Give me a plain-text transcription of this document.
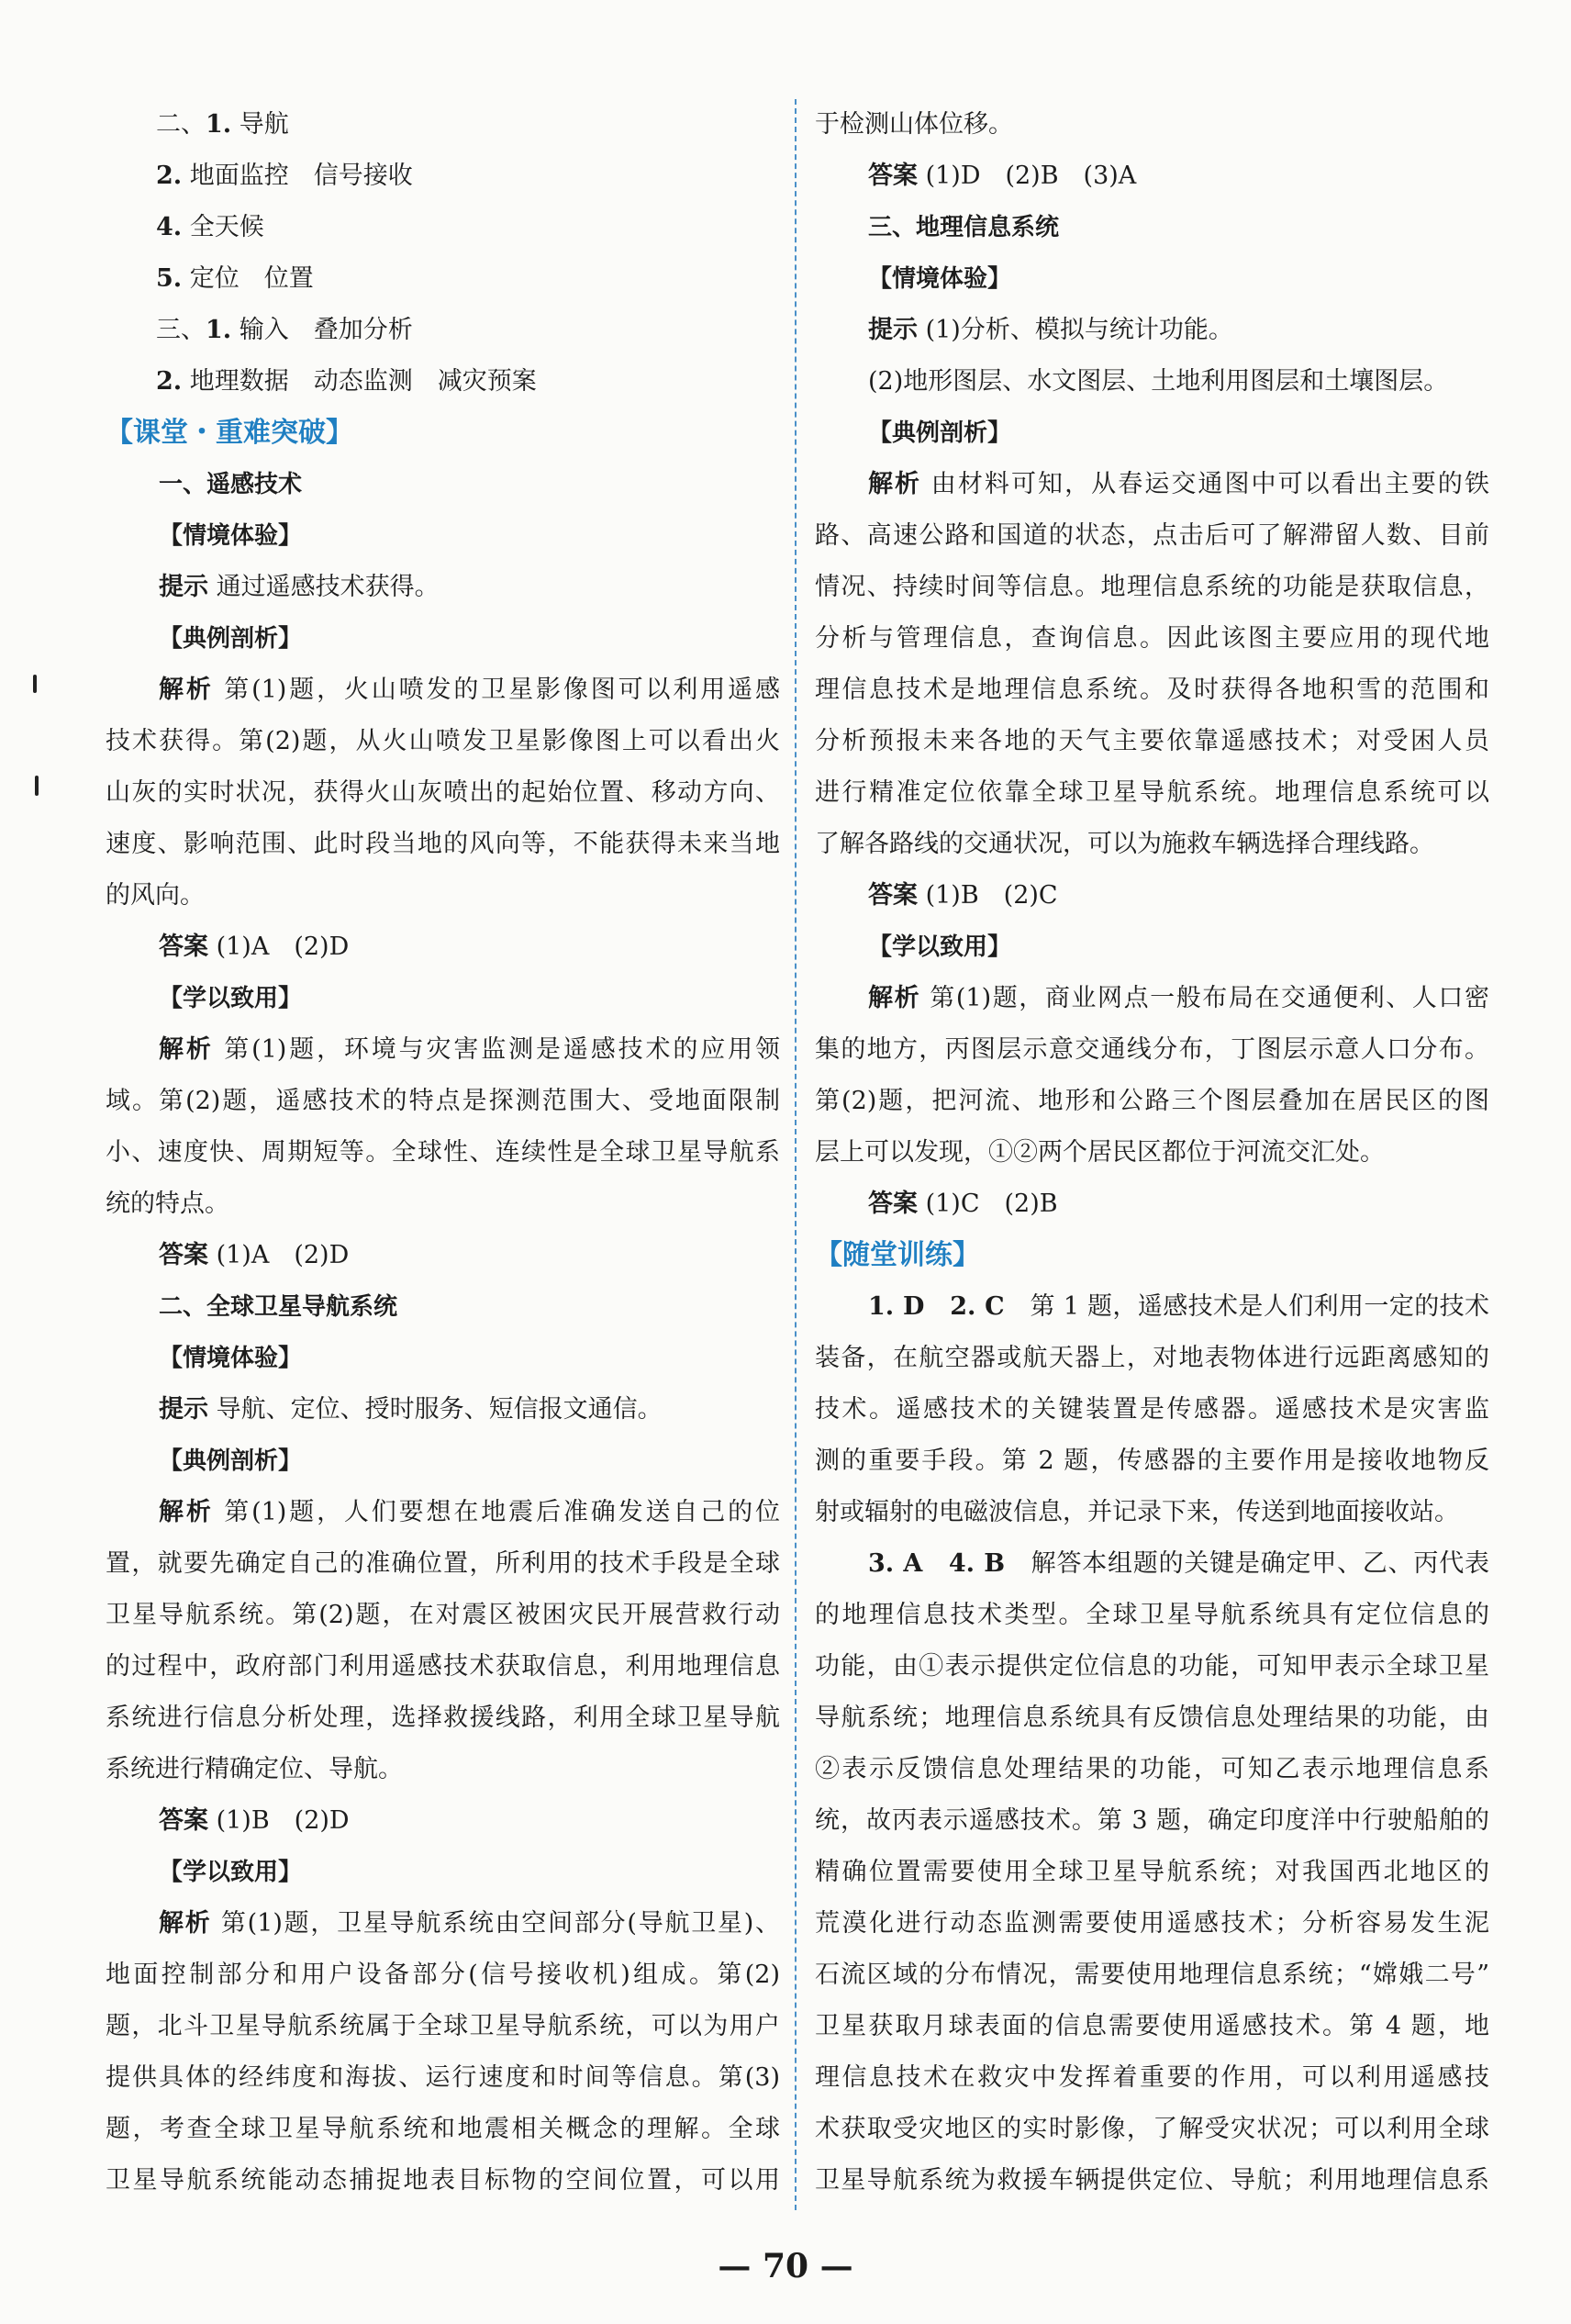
二、1. 导航
2. 地面监控　信号接收
4. 全天候
5. 定位　位置
三、1. 输入　叠加分析
2. 地理数据　动态监测　减灾预案
【课堂・重难突破】
一、遥感技术
【情境体验】
提示 通过遥感技术获得。
【典例剖析】
解析 第(1)题，火山喷发的卫星影像图可以利用遥感
技术获得。第(2)题，从火山喷发卫星影像图上可以看出火
山灰的实时状况，获得火山灰喷出的起始位置、移动方向、
速度、影响范围、此时段当地的风向等，不能获得未来当地
的风向。
答案 (1)A　(2)D
【学以致用】
解析 第(1)题，环境与灾害监测是遥感技术的应用领
域。第(2)题，遥感技术的特点是探测范围大、受地面限制
小、速度快、周期短等。全球性、连续性是全球卫星导航系
统的特点。
答案 (1)A　(2)D
二、全球卫星导航系统
【情境体验】
提示 导航、定位、授时服务、短信报文通信。
【典例剖析】
解析 第(1)题，人们要想在地震后准确发送自己的位
置，就要先确定自己的准确位置，所利用的技术手段是全球
卫星导航系统。第(2)题，在对震区被困灾民开展营救行动
的过程中，政府部门利用遥感技术获取信息，利用地理信息
系统进行信息分析处理，选择救援线路，利用全球卫星导航
系统进行精确定位、导航。
答案 (1)B　(2)D
【学以致用】
解析 第(1)题，卫星导航系统由空间部分(导航卫星)、
地面控制部分和用户设备部分(信号接收机)组成。第(2)
题，北斗卫星导航系统属于全球卫星导航系统，可以为用户
提供具体的经纬度和海拔、运行速度和时间等信息。第(3)
题，考查全球卫星导航系统和地震相关概念的理解。全球
卫星导航系统能动态捕捉地表目标物的空间位置，可以用
于检测山体位移。
答案 (1)D　(2)B　(3)A
三、地理信息系统
【情境体验】
提示 (1)分析、模拟与统计功能。
(2)地形图层、水文图层、土地利用图层和土壤图层。
【典例剖析】
解析 由材料可知，从春运交通图中可以看出主要的铁
路、高速公路和国道的状态，点击后可了解滞留人数、目前
情况、持续时间等信息。地理信息系统的功能是获取信息，
分析与管理信息，查询信息。因此该图主要应用的现代地
理信息技术是地理信息系统。及时获得各地积雪的范围和
分析预报未来各地的天气主要依靠遥感技术；对受困人员
进行精准定位依靠全球卫星导航系统。地理信息系统可以
了解各路线的交通状况，可以为施救车辆选择合理线路。
答案 (1)B　(2)C
【学以致用】
解析 第(1)题，商业网点一般布局在交通便利、人口密
集的地方，丙图层示意交通线分布，丁图层示意人口分布。
第(2)题，把河流、地形和公路三个图层叠加在居民区的图
层上可以发现，①②两个居民区都位于河流交汇处。
答案 (1)C　(2)B
【随堂训练】
1. D　2. C　第 1 题，遥感技术是人们利用一定的技术
装备，在航空器或航天器上，对地表物体进行远距离感知的
技术。遥感技术的关键装置是传感器。遥感技术是灾害监
测的重要手段。第 2 题，传感器的主要作用是接收地物反
射或辐射的电磁波信息，并记录下来，传送到地面接收站。
3. A　4. B　解答本组题的关键是确定甲、乙、丙代表
的地理信息技术类型。全球卫星导航系统具有定位信息的
功能，由①表示提供定位信息的功能，可知甲表示全球卫星
导航系统；地理信息系统具有反馈信息处理结果的功能，由
②表示反馈信息处理结果的功能，可知乙表示地理信息系
统，故丙表示遥感技术。第 3 题，确定印度洋中行驶船舶的
精确位置需要使用全球卫星导航系统；对我国西北地区的
荒漠化进行动态监测需要使用遥感技术；分析容易发生泥
石流区域的分布情况，需要使用地理信息系统；“嫦娥二号”
卫星获取月球表面的信息需要使用遥感技术。第 4 题，地
理信息技术在救灾中发挥着重要的作用，可以利用遥感技
术获取受灾地区的实时影像，了解受灾状况；可以利用全球
卫星导航系统为救援车辆提供定位、导航；利用地理信息系
— 70 —
